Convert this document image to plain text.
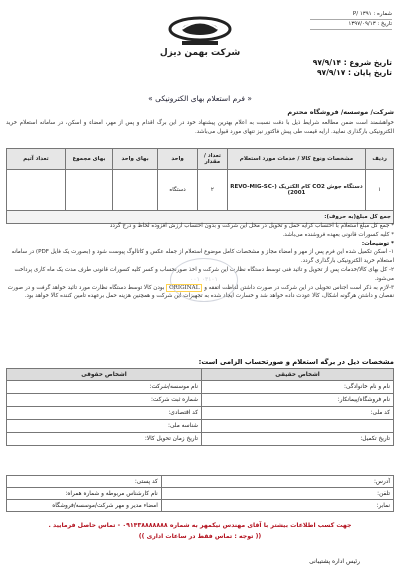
شماره : P/ ۱۳۹۱
تاریخ : ۱۳۹۷/۰۹/۱۳
تاریخ شروع : ۹۷/۹/۱۴
تاریخ پایان : ۹۷/۹/۱۷
شرکت بهمن دیزل
« فرم استعلام بهای الکترونیکی »
شرکت/ موسسه/ فروشگاه محترم
خواهشمند است ضمن مطالعه شرایط ذیل با دقت نسبت به اعلام بهترین پیشنهاد خود در این برگ اقدام و پس از مهر، امضاء و اسکن، در سامانه استعلام خرید الکترونیکی بارگذاری نمایید. ارایه قیمت طی پیش فاکتور نیز تنهای مورد قبول می‌باشد.
ردیف	مشخصات ونوع کالا / خدمات مورد استعلام	تعداد / مقدار	واحد	بهای واحد	بهای مجموع	تعداد آتیم
۱	دستگاه جوش CO2 کام الکتریک (REVO-MIG-SC-2001)	۲	دستگاه			
جمع کل مبلغ(به حروف):						
* جمع کل مبلغ استعلام با احتساب کرایه حمل و تحویل در محل این شرکت و بدون احتساب ارزش افزوده لحاظ و درج گردد
* کلیه کسورات قانونی بعهده فروشنده می‌باشد.
* توضیحات:
۱- اسکن تکمیل شده این فرم پس از مهر و امضاء مجاز و مشخصات کامل موضوع استعلام از جمله عکس و کاتالوگ پیوست شود و (بصورت یک فایل PDF) در سامانه استعلام خرید الکترونیکی بارگذاری گردد.
۲- کل بهای کالا/خدمات پس از تحویل و تائید فنی توسط دستگاه نظارت این شرکت و اخذ صورتحساب و کسر کلیه کسورات قانونی طرف مدت یک ماه کاری پرداخت می‌شود.
۳-لازم به ذکر است اجناس تحویلی در این شرکت در صورت داشتن لفاظت اتفقه و ORIGINAL بودن کالا توسط دستگاه نظارت مورد تائید خواهد گرفت و در صورت نقصان و داشتن هرگونه اشکال، کالا عودت داده خواهد شد و خسارت ایجاد شده به تجهیزات این شرکت و همچنین هزینه حمل برعهده تامین کننده کالا خواهد بود.
۰۳۱۰۱ ۰۰۱
مشخصات ذیل در برگه استعلام و صورتحساب الزامی است:
اشخاص حقیقی	اشخاص حقوقی
نام و نام خانوادگی:	نام موسسه/شرکت:
نام فروشگاه/پیمانکار:	شماره ثبت شرکت:
کد ملی:	کد اقتصادی:
	شناسه ملی:
تاریخ تکمیل:	تاریخ زمان تحویل کالا:
آدرس:	کد پستی:
تلفن:	نام کارشناس مربوطه و شماره همراه:
نمابر:	امضاء مدیر و مهر شرکت/موسسه/فروشگاه
جهت کسب اطلاعات بیشتر با آقای مهندس نیکمهر به شماره ۰۹۱۴۳۸۸۸۸۸۸۸ - تماس حاصل فرمایید .
(( توجه : تماس فقط در ساعات اداری ))
رئیس اداره پشتیبانی
